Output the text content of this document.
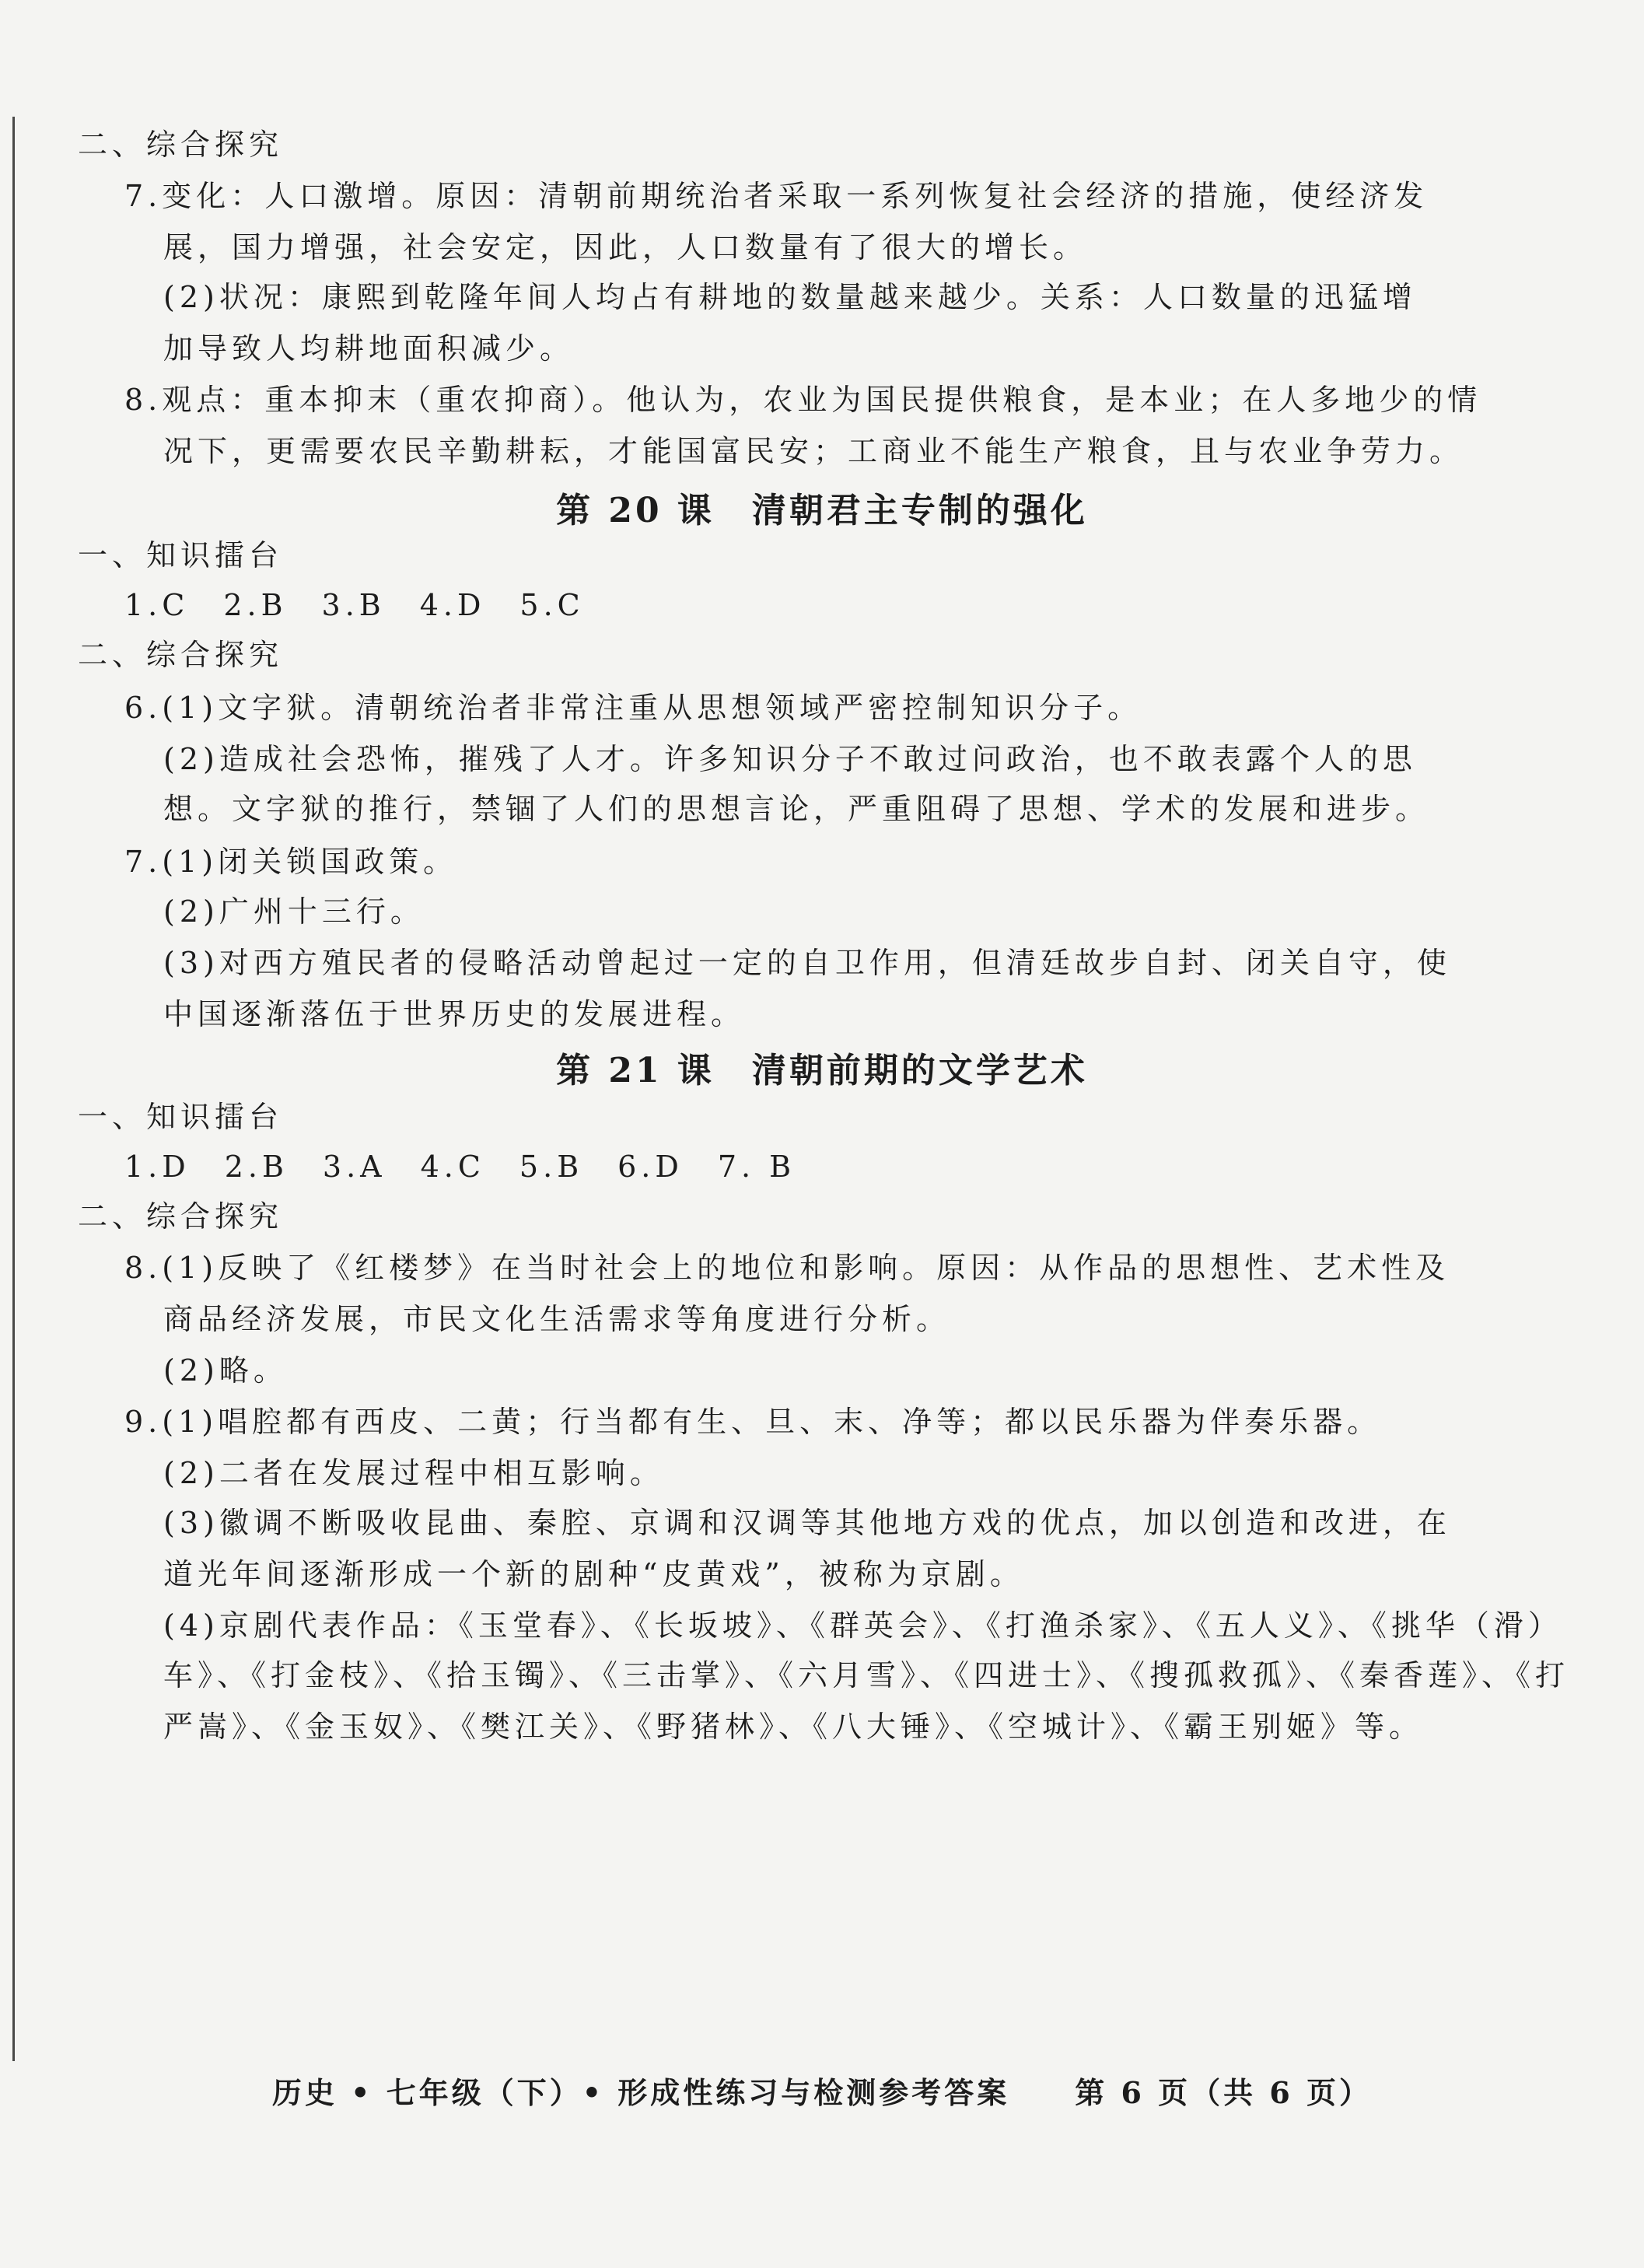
二、综合探究
7.变化：人口激增。原因：清朝前期统治者采取一系列恢复社会经济的措施，使经济发
展，国力增强，社会安定，因此，人口数量有了很大的增长。
(2)状况：康熙到乾隆年间人均占有耕地的数量越来越少。关系：人口数量的迅猛增
加导致人均耕地面积减少。
8.观点：重本抑末（重农抑商）。他认为，农业为国民提供粮食，是本业；在人多地少的情
况下，更需要农民辛勤耕耘，才能国富民安；工商业不能生产粮食，且与农业争劳力。
第 20 课　清朝君主专制的强化
一、知识擂台
1.C　2.B　3.B　4.D　5.C
二、综合探究
6.(1)文字狱。清朝统治者非常注重从思想领域严密控制知识分子。
(2)造成社会恐怖，摧残了人才。许多知识分子不敢过问政治，也不敢表露个人的思
想。文字狱的推行，禁锢了人们的思想言论，严重阻碍了思想、学术的发展和进步。
7.(1)闭关锁国政策。
(2)广州十三行。
(3)对西方殖民者的侵略活动曾起过一定的自卫作用，但清廷故步自封、闭关自守，使
中国逐渐落伍于世界历史的发展进程。
第 21 课　清朝前期的文学艺术
一、知识擂台
1.D　2.B　3.A　4.C　5.B　6.D　7. B
二、综合探究
8.(1)反映了《红楼梦》在当时社会上的地位和影响。原因：从作品的思想性、艺术性及
商品经济发展，市民文化生活需求等角度进行分析。
(2)略。
9.(1)唱腔都有西皮、二黄；行当都有生、旦、末、净等；都以民乐器为伴奏乐器。
(2)二者在发展过程中相互影响。
(3)徽调不断吸收昆曲、秦腔、京调和汉调等其他地方戏的优点，加以创造和改进，在
道光年间逐渐形成一个新的剧种“皮黄戏”，被称为京剧。
(4)京剧代表作品：《玉堂春》、《长坂坡》、《群英会》、《打渔杀家》、《五人义》、《挑华（滑）
车》、《打金枝》、《拾玉镯》、《三击掌》、《六月雪》、《四进士》、《搜孤救孤》、《秦香莲》、《打
严嵩》、《金玉奴》、《樊江关》、《野猪林》、《八大锤》、《空城计》、《霸王别姬》等。
历史 • 七年级（下）• 形成性练习与检测参考答案　　第 6 页（共 6 页）
